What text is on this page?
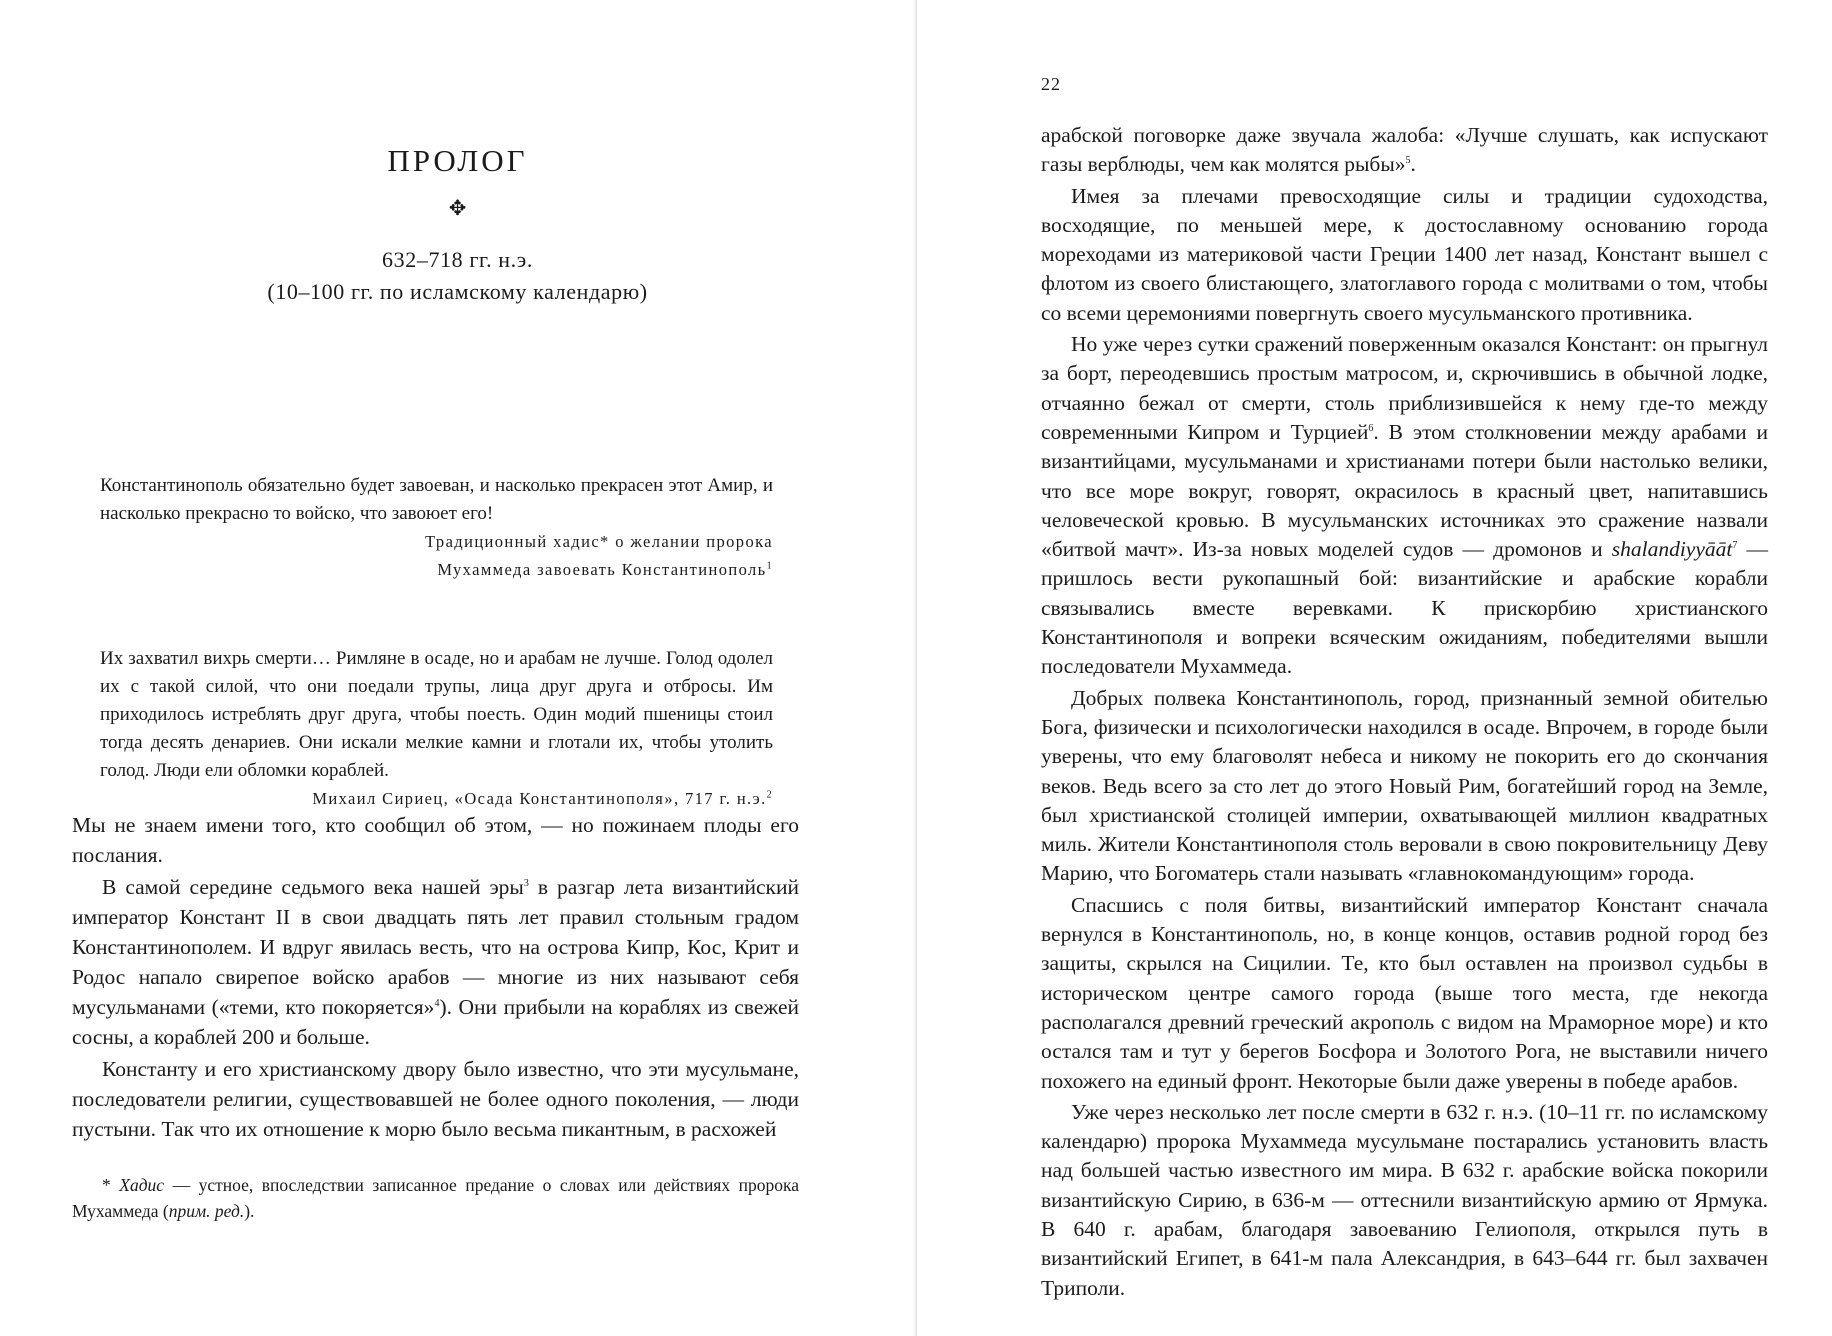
ПРОЛОГ
✥
632–718 гг. н.э.
(10–100 гг. по исламскому календарю)

Константинополь обязательно будет завоеван, и насколько прекрасен этот Амир, и насколько прекрасно то войско, что завоюет его!

Традиционный хадис* о желании пророка

Мухаммеда завоевать Константинополь$^1$

Их захватил вихрь смерти… Римляне в осаде, но и арабам не лучше. Голод одолел их с такой силой, что они поедали трупы, лица друг друга и отбросы. Им приходилось истреблять друг друга, чтобы поесть. Один модий пшеницы стоил тогда десять денариев. Они искали мелкие камни и глотали их, чтобы утолить голод. Люди ели обломки кораблей.

Михаил Сириец, «Осада Константинополя», 717 г. н.э.$^2$

Мы не знаем имени того, кто сообщил об этом, — но пожинаем плоды его послания.

В самой середине седьмого века нашей эры$^3$ в разгар лета византийский император Констант II в свои двадцать пять лет правил стольным градом Константинополем. И вдруг явилась весть, что на острова Кипр, Кос, Крит и Родос напало свирепое войско арабов — многие из них называют себя мусульманами («теми, кто покоряется»$^4$). Они прибыли на кораблях из свежей сосны, а кораблей 200 и больше.

Константу и его христианскому двору было известно, что эти мусульмане, последователи религии, существовавшей не более одного поколения, — люди пустыни. Так что их отношение к морю было весьма пикантным, в расхожей

* Хадис — устное, впоследствии записанное предание о словах или действиях пророка Мухаммеда (прим. ред.).

22

арабской поговорке даже звучала жалоба: «Лучше слушать, как испускают газы верблюды, чем как молятся рыбы»$^5$.

Имея за плечами превосходящие силы и традиции судоходства, восходящие, по меньшей мере, к достославному основанию города мореходами из материковой части Греции 1400 лет назад, Констант вышел с флотом из своего блистающего, златоглавого города с молитвами о том, чтобы со всеми церемониями повергнуть своего мусульманского противника.

Но уже через сутки сражений поверженным оказался Констант: он прыгнул за борт, переодевшись простым матросом, и, скрючившись в обычной лодке, отчаянно бежал от смерти, столь приблизившейся к нему где-то между современными Кипром и Турцией$^6$. В этом столкновении между арабами и византийцами, мусульманами и христианами потери были настолько велики, что все море вокруг, говорят, окрасилось в красный цвет, напитавшись человеческой кровью. В мусульманских источниках это сражение назвали «битвой мачт». Из-за новых моделей судов — дромонов и shalandiyyāāt$^7$ — пришлось вести рукопашный бой: византийские и арабские корабли связывались вместе веревками. К прискорбию христианского Константинополя и вопреки всяческим ожиданиям, победителями вышли последователи Мухаммеда.

Добрых полвека Константинополь, город, признанный земной обителью Бога, физически и психологически находился в осаде. Впрочем, в городе были уверены, что ему благоволят небеса и никому не покорить его до скончания веков. Ведь всего за сто лет до этого Новый Рим, богатейший город на Земле, был христианской столицей империи, охватывающей миллион квадратных миль. Жители Константинополя столь веровали в свою покровительницу Деву Марию, что Богоматерь стали называть «главнокомандующим» города.

Спасшись с поля битвы, византийский император Констант сначала вернулся в Константинополь, но, в конце концов, оставив родной город без защиты, скрылся на Сицилии. Те, кто был оставлен на произвол судьбы в историческом центре самого города (выше того места, где некогда располагался древний греческий акрополь с видом на Мраморное море) и кто остался там и тут у берегов Босфора и Золотого Рога, не выставили ничего похожего на единый фронт. Некоторые были даже уверены в победе арабов.

Уже через несколько лет после смерти в 632 г. н.э. (10–11 гг. по исламскому календарю) пророка Мухаммеда мусульмане постарались установить власть над большей частью известного им мира. В 632 г. арабские войска покорили византийскую Сирию, в 636-м — оттеснили византийскую армию от Ярмука. В 640 г. арабам, благодаря завоеванию Гелиополя, открылся путь в византийский Египет, в 641-м пала Александрия, в 643–644 гг. был захвачен Триполи.
